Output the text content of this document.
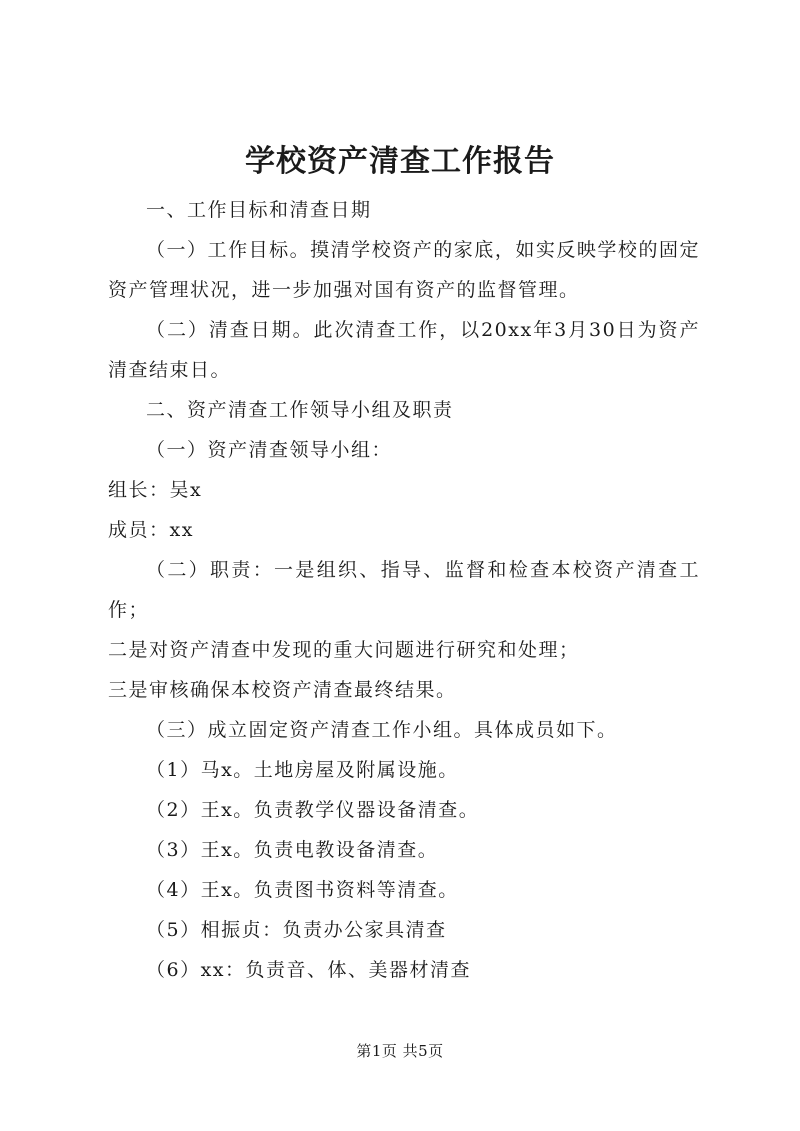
学校资产清查工作报告

一、工作目标和清查日期

（一）工作目标。摸清学校资产的家底，如实反映学校的固定资产管理状况，进一步加强对国有资产的监督管理。

（二）清查日期。此次清查工作，以20xx年3月30日为资产清查结束日。

二、资产清查工作领导小组及职责

（一）资产清查领导小组：

组长：吴x

成员：xx

（二）职责：一是组织、指导、监督和检查本校资产清查工作；

二是对资产清查中发现的重大问题进行研究和处理；

三是审核确保本校资产清查最终结果。

（三）成立固定资产清查工作小组。具体成员如下。

（1）马x。土地房屋及附属设施。

（2）王x。负责教学仪器设备清查。

（3）王x。负责电教设备清查。

（4）王x。负责图书资料等清查。

（5）相振贞：负责办公家具清查

（6）xx：负责音、体、美器材清查

第1页 共5页
